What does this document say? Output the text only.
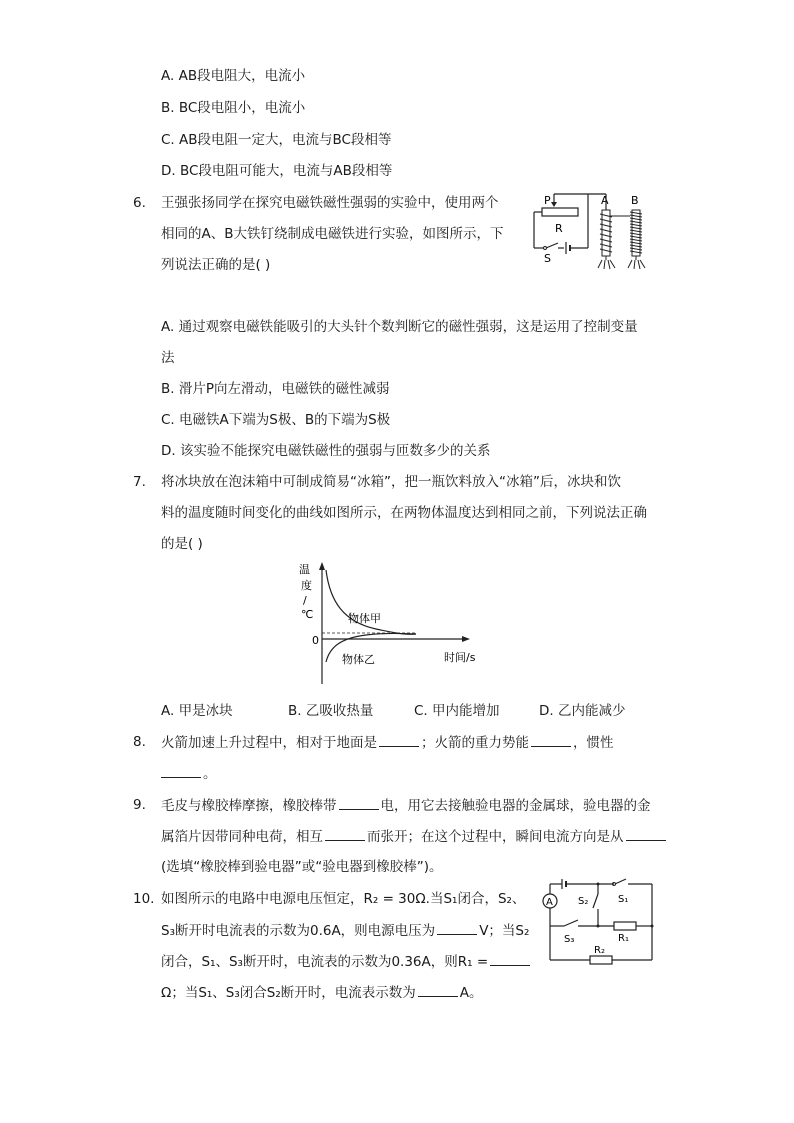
A. AB段电阻大，电流小
B. BC段电阻小，电流小
C. AB段电阻一定大，电流与BC段相等
D. BC段电阻可能大，电流与AB段相等
6. 王强张扬同学在探究电磁铁磁性强弱的实验中，使用两个
相同的A、B大铁钉绕制成电磁铁进行实验，如图所示，下
列说法正确的是( )
P
R
S
A B
A. 通过观察电磁铁能吸引的大头针个数判断它的磁性强弱，这是运用了控制变量
法
B. 滑片P向左滑动，电磁铁的磁性减弱
C. 电磁铁A下端为S极、B的下端为S极
D. 该实验不能探究电磁铁磁性的强弱与匝数多少的关系
7. 将冰块放在泡沫箱中可制成简易“冰箱”，把一瓶饮料放入“冰箱”后，冰块和饮
料的温度随时间变化的曲线如图所示，在两物体温度达到相同之前，下列说法正确
的是( )
温
度
/
℃
0
物体甲
物体乙	时间/s
A. 甲是冰块	B. 乙吸收热量	C. 甲内能增加	D. 乙内能减少
8. 火箭加速上升过程中，相对于地面是	；火箭的重力势能	，惯性
。
9. 毛皮与橡胶棒摩擦，橡胶棒带	电，用它去接触验电器的金属球，验电器的金
属箔片因带同种电荷，相互	而张开；在这个过程中，瞬间电流方向是从
(选填“橡胶棒到验电器”或“验电器到橡胶棒”)。
10. 如图所示的电路中电源电压恒定，R₂ = 30Ω.当S₁闭合，S₂、
S₃断开时电流表的示数为0.6A，则电源电压为	V；当S₂
闭合，S₁、S₃断开时，电流表的示数为0.36A，则R₁ =
Ω；当S₁、S₃闭合S₂断开时，电流表示数为	A。
S₁
A	S₂
S₃	R₁
R₂
